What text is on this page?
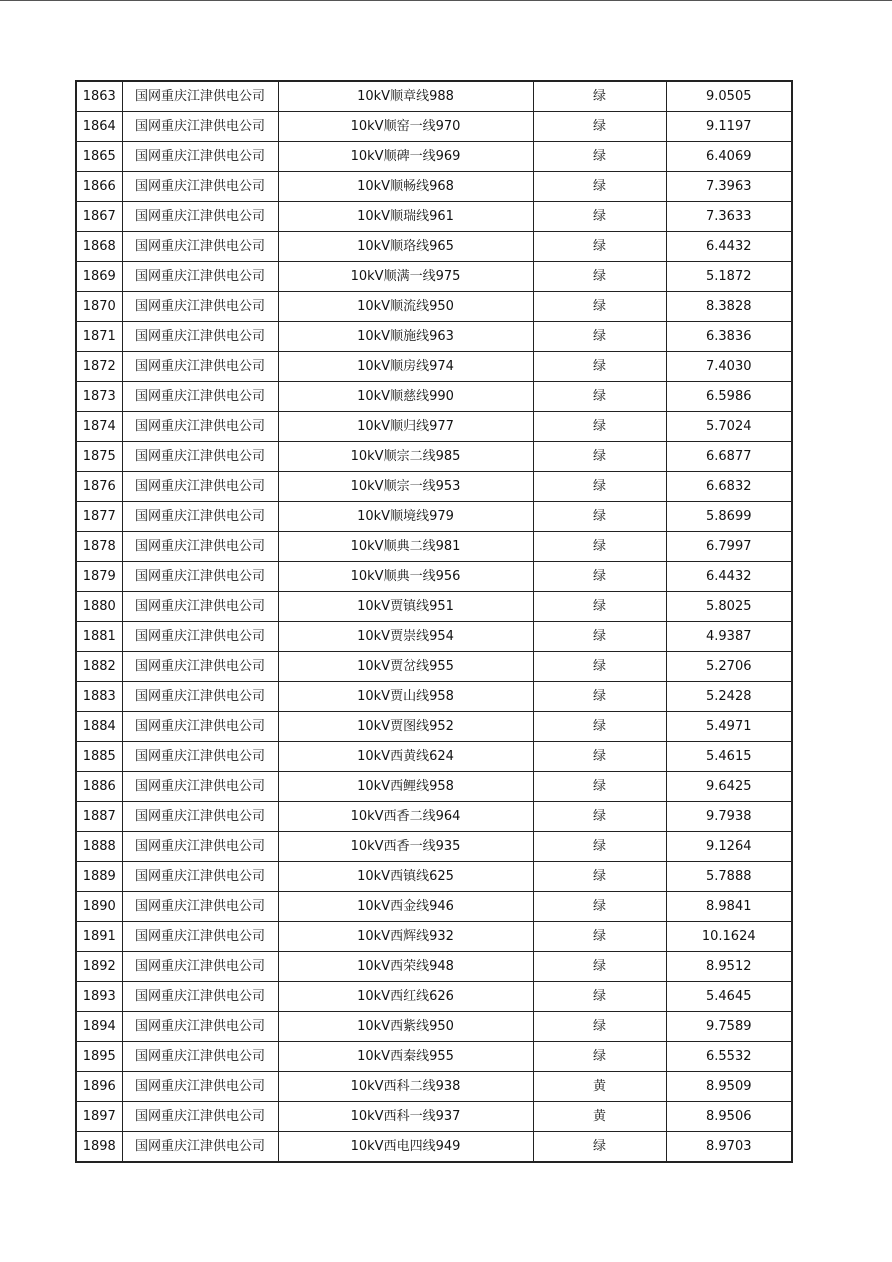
1863	国网重庆江津供电公司	10kV顺章线988	绿	9.0505
1864	国网重庆江津供电公司	10kV顺窑一线970	绿	9.1197
1865	国网重庆江津供电公司	10kV顺碑一线969	绿	6.4069
1866	国网重庆江津供电公司	10kV顺畅线968	绿	7.3963
1867	国网重庆江津供电公司	10kV顺瑞线961	绿	7.3633
1868	国网重庆江津供电公司	10kV顺珞线965	绿	6.4432
1869	国网重庆江津供电公司	10kV顺满一线975	绿	5.1872
1870	国网重庆江津供电公司	10kV顺流线950	绿	8.3828
1871	国网重庆江津供电公司	10kV顺施线963	绿	6.3836
1872	国网重庆江津供电公司	10kV顺房线974	绿	7.4030
1873	国网重庆江津供电公司	10kV顺慈线990	绿	6.5986
1874	国网重庆江津供电公司	10kV顺归线977	绿	5.7024
1875	国网重庆江津供电公司	10kV顺宗二线985	绿	6.6877
1876	国网重庆江津供电公司	10kV顺宗一线953	绿	6.6832
1877	国网重庆江津供电公司	10kV顺境线979	绿	5.8699
1878	国网重庆江津供电公司	10kV顺典二线981	绿	6.7997
1879	国网重庆江津供电公司	10kV顺典一线956	绿	6.4432
1880	国网重庆江津供电公司	10kV贾镇线951	绿	5.8025
1881	国网重庆江津供电公司	10kV贾崇线954	绿	4.9387
1882	国网重庆江津供电公司	10kV贾岔线955	绿	5.2706
1883	国网重庆江津供电公司	10kV贾山线958	绿	5.2428
1884	国网重庆江津供电公司	10kV贾图线952	绿	5.4971
1885	国网重庆江津供电公司	10kV西黄线624	绿	5.4615
1886	国网重庆江津供电公司	10kV西鲤线958	绿	9.6425
1887	国网重庆江津供电公司	10kV西香二线964	绿	9.7938
1888	国网重庆江津供电公司	10kV西香一线935	绿	9.1264
1889	国网重庆江津供电公司	10kV西镇线625	绿	5.7888
1890	国网重庆江津供电公司	10kV西金线946	绿	8.9841
1891	国网重庆江津供电公司	10kV西辉线932	绿	10.1624
1892	国网重庆江津供电公司	10kV西荣线948	绿	8.9512
1893	国网重庆江津供电公司	10kV西红线626	绿	5.4645
1894	国网重庆江津供电公司	10kV西紫线950	绿	9.7589
1895	国网重庆江津供电公司	10kV西秦线955	绿	6.5532
1896	国网重庆江津供电公司	10kV西科二线938	黄	8.9509
1897	国网重庆江津供电公司	10kV西科一线937	黄	8.9506
1898	国网重庆江津供电公司	10kV西电四线949	绿	8.9703
